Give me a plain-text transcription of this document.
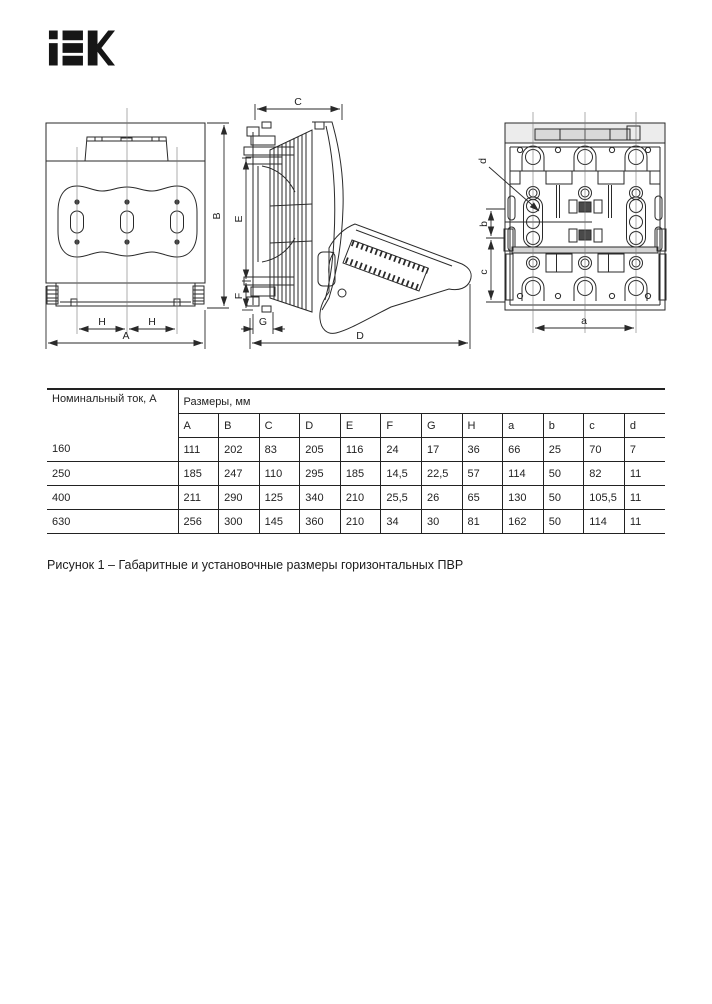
B
H	H
A
C
E
F
G
D
d
b
c
a
Номинальный ток, А	Размеры, мм											
	A	B	C	D	E	F	G	H	a	b	c	d
160	111	202	83	205	116	24	17	36	66	25	70	7
250	185	247	110	295	185	14,5	22,5	57	114	50	82	11
400	211	290	125	340	210	25,5	26	65	130	50	105,5	11
630	256	300	145	360	210	34	30	81	162	50	114	11
Рисунок 1 – Габаритные и установочные размеры горизонтальных ПВР
